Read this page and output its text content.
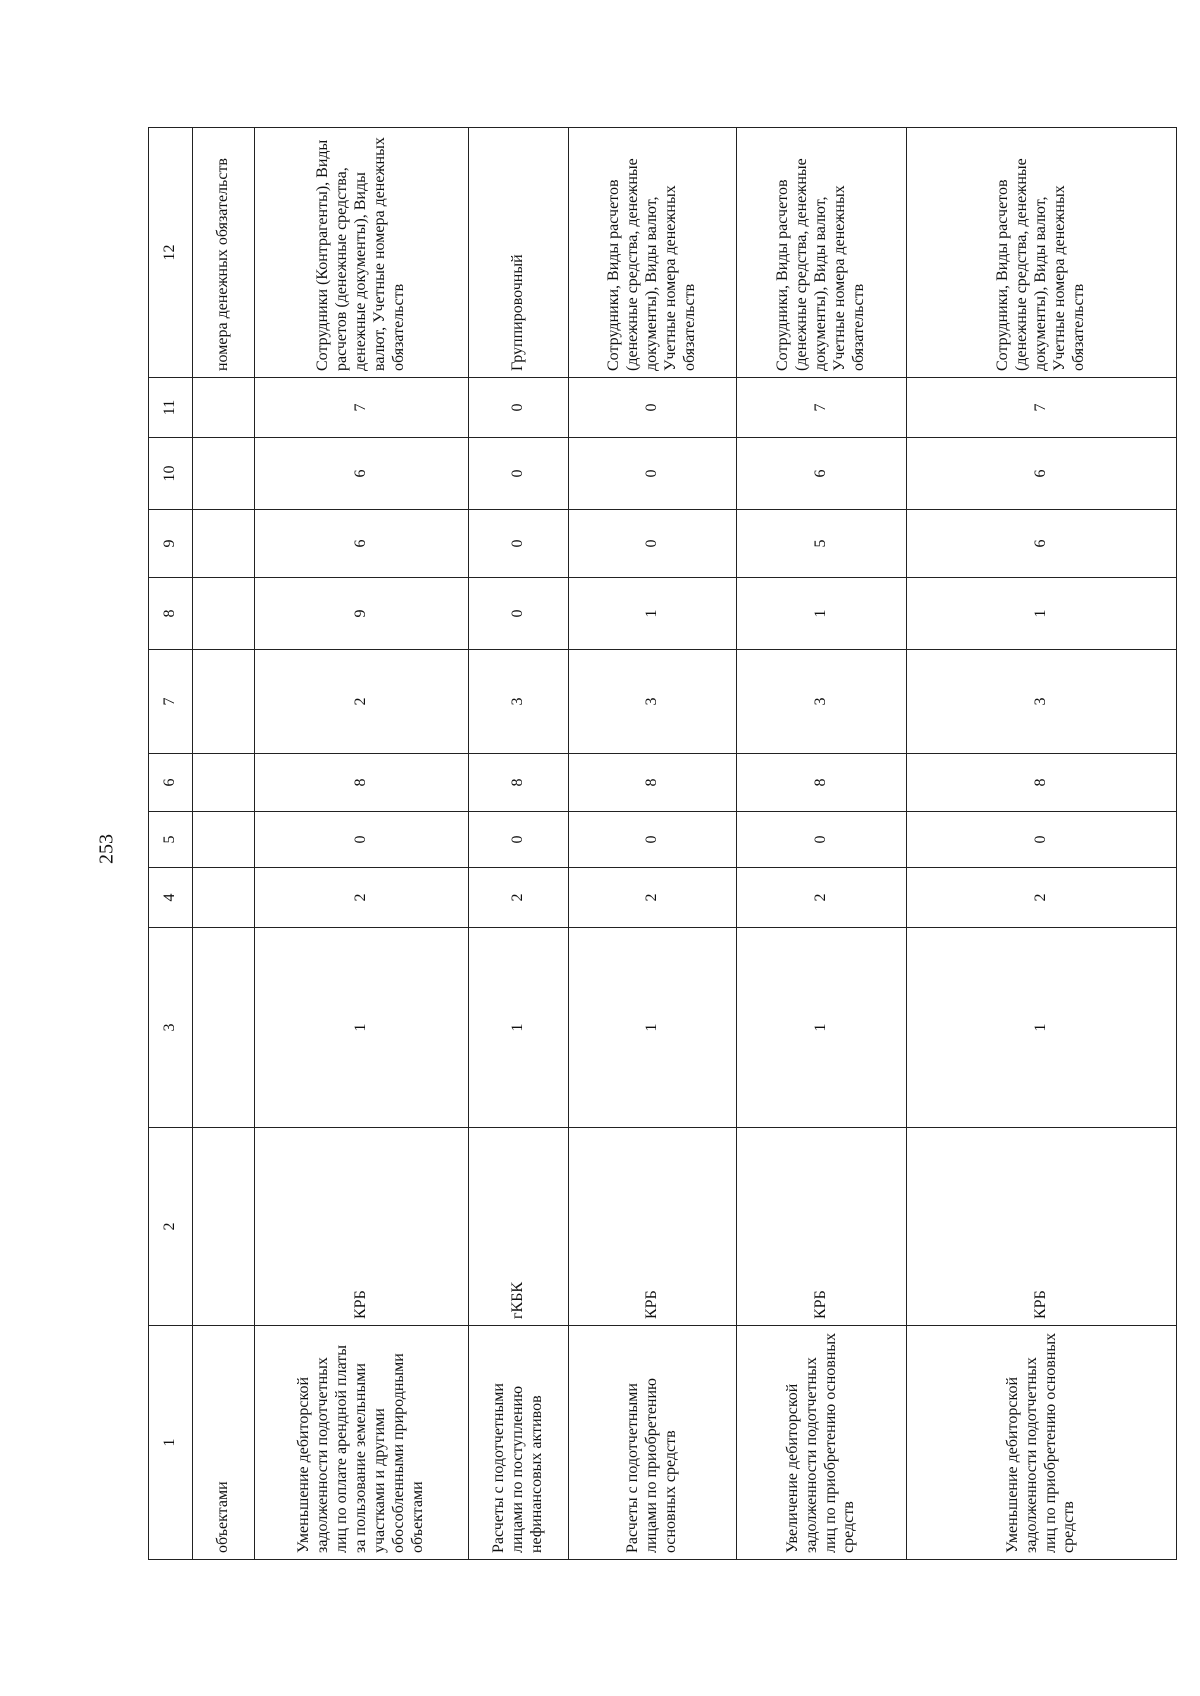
253
1	2	3	4	5	6	7	8	9	10	11	12
объектами											номера денежных обязательств
Уменьшение дебиторской задолженности подотчетных лиц по оплате арендной платы за пользование земельными участками и другими обособленными природными объектами	КРБ	1	2	0	8	2	9	6	6	7	Сотрудники (Контрагенты), Виды расчетов (денежные средства, денежные документы), Виды валют, Учетные номера денежных обязательств
Расчеты с подотчетными лицами по поступлению нефинансовых активов	гКБК	1	2	0	8	3	0	0	0	0	Группировочный
Расчеты с подотчетными лицами по приобретению основных средств	КРБ	1	2	0	8	3	1	0	0	0	Сотрудники, Виды расчетов (денежные средства, денежные документы), Виды валют, Учетные номера денежных обязательств
Увеличение дебиторской задолженности подотчетных лиц по приобретению основных средств	КРБ	1	2	0	8	3	1	5	6	7	Сотрудники, Виды расчетов (денежные средства, денежные документы), Виды валют, Учетные номера денежных обязательств
Уменьшение дебиторской задолженности подотчетных лиц по приобретению основных средств	КРБ	1	2	0	8	3	1	6	6	7	Сотрудники, Виды расчетов (денежные средства, денежные документы), Виды валют, Учетные номера денежных обязательств
